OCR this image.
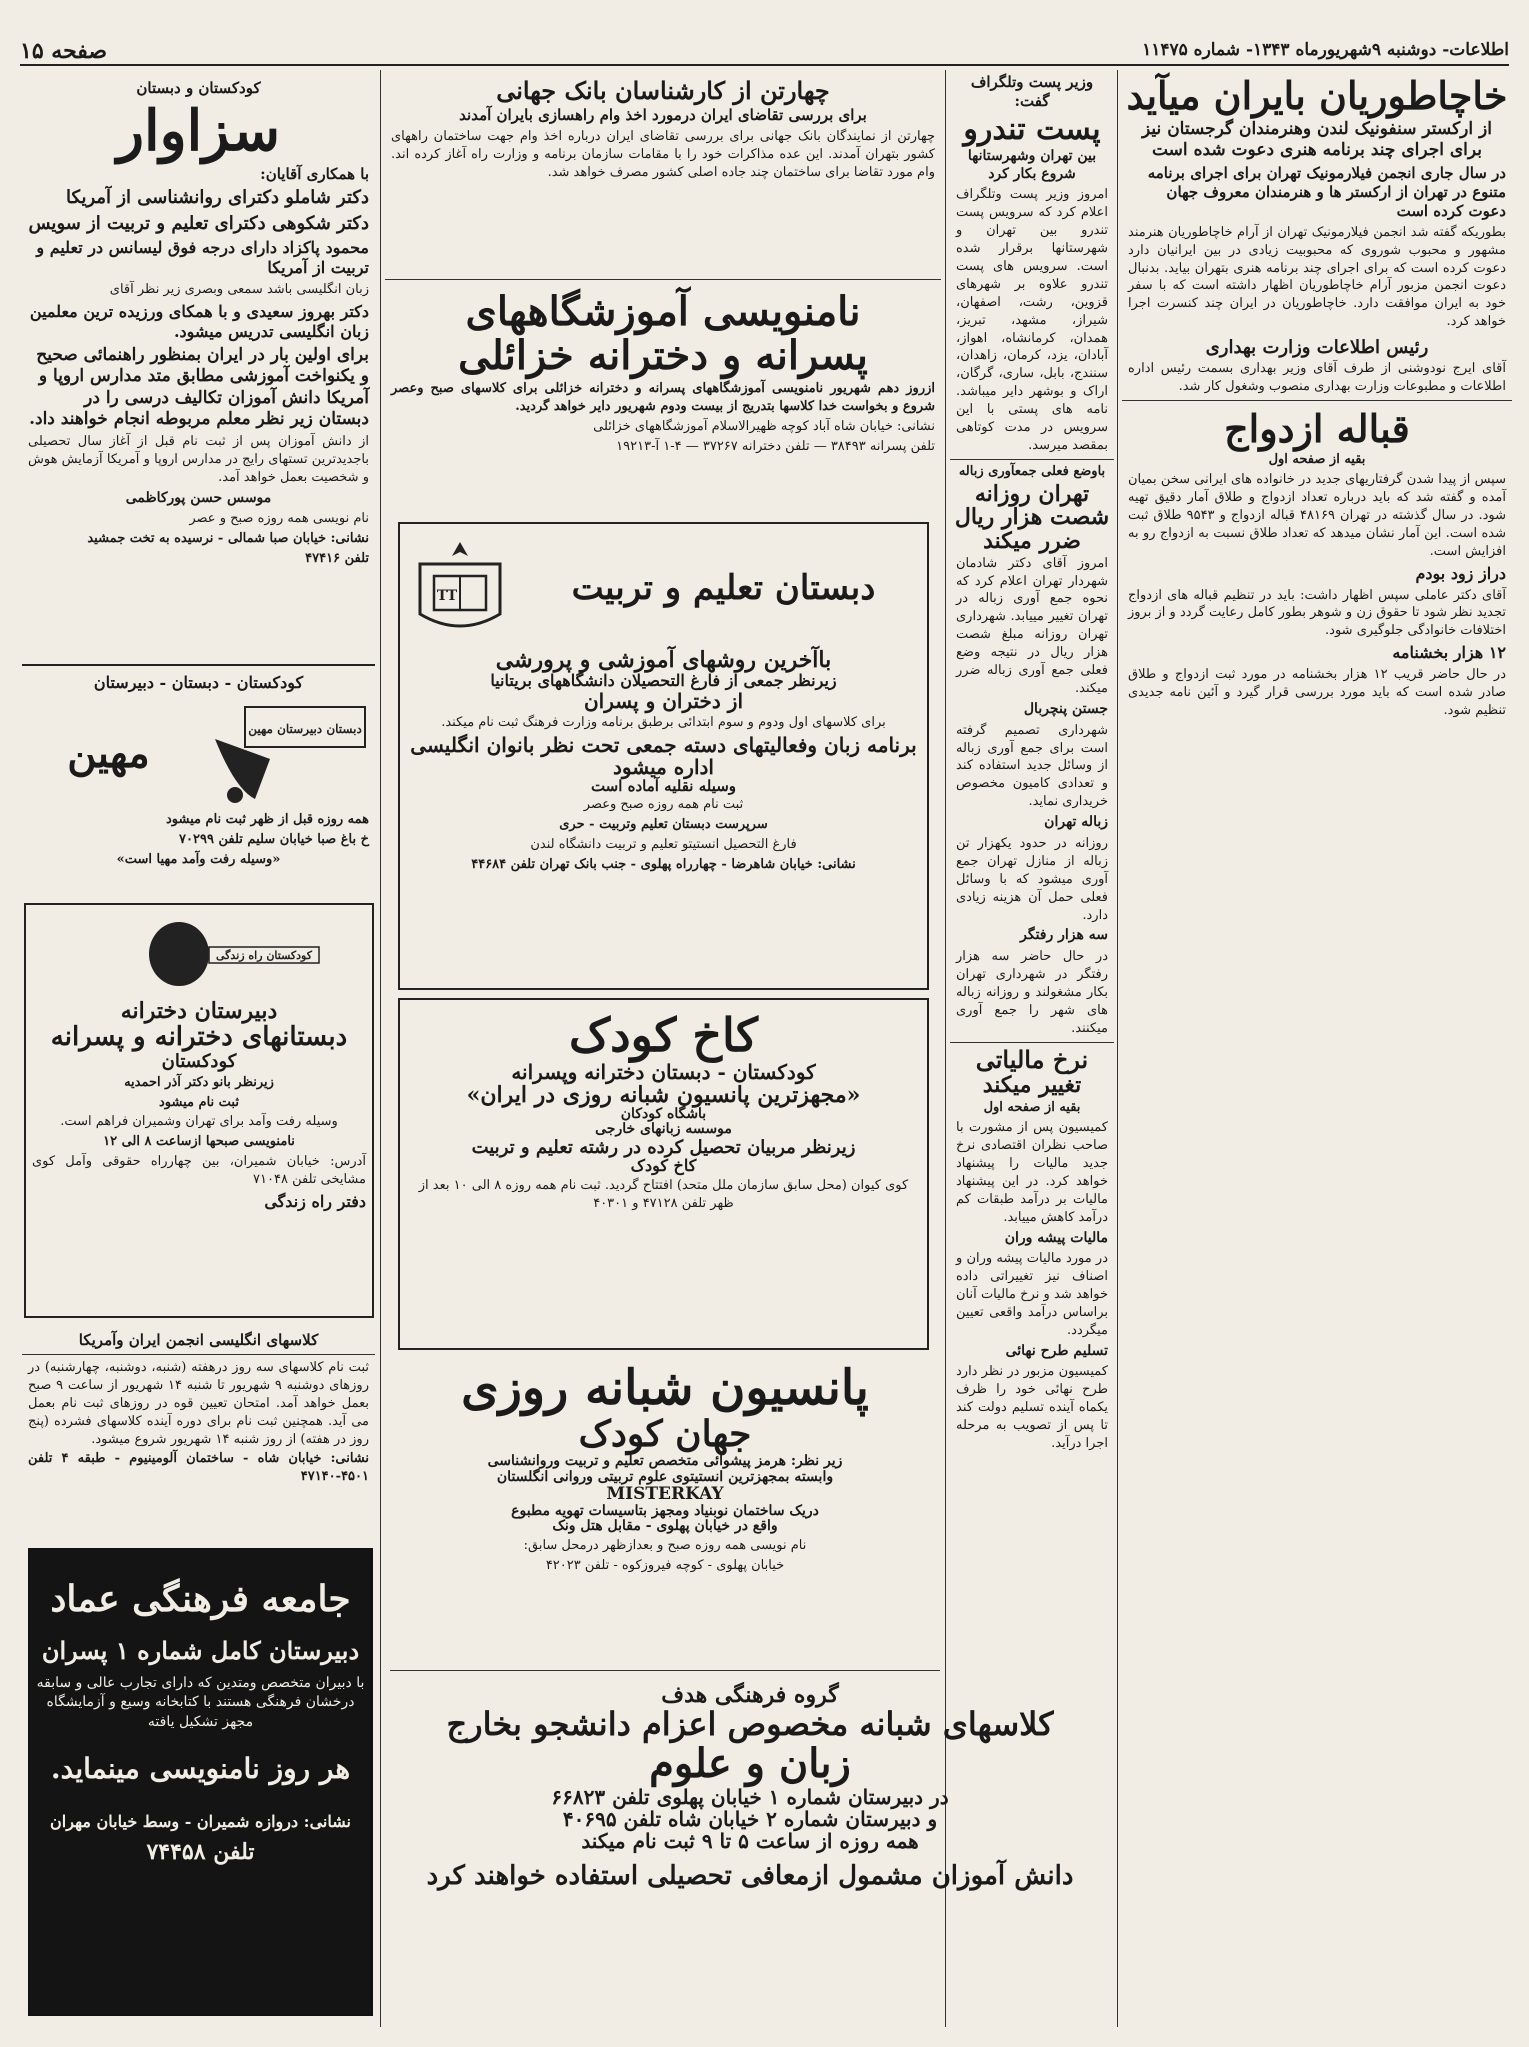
اطلاعات- دوشنبه ۹شهریورماه ۱۳۴۳- شماره ۱۱۴۷۵
صفحه ۱۵
خاچاطوریان بایران میآید
از ارکستر سنفونیک لندن وهنرمندان گرجستان نیز برای اجرای چند برنامه هنری دعوت شده است
در سال جاری انجمن فیلارمونیک تهران برای اجرای برنامه متنوع در تهران از ارکستر ها و هنرمندان معروف جهان دعوت کرده است
بطوریکه گفته شد انجمن فیلارمونیک تهران از آرام خاچاطوریان هنرمند مشهور و محبوب شوروی که محبوبیت زیادی در بین ایرانیان دارد دعوت کرده است که برای اجرای چند برنامه هنری بتهران بیاید. بدنبال دعوت انجمن مزبور آرام خاچاطوریان اظهار داشته است که با سفر خود به ایران موافقت دارد. خاچاطوریان در ایران چند کنسرت اجرا خواهد کرد.
رئیس اطلاعات وزارت بهداری
آقای ایرج نودوشنی از طرف آقای وزیر بهداری بسمت رئیس اداره اطلاعات و مطبوعات وزارت بهداری منصوب وشغول کار شد.
قباله ازدواج
بقیه از صفحه اول
سپس از پیدا شدن گرفتاریهای جدید در خانواده های ایرانی سخن بمیان آمده و گفته شد که باید درباره تعداد ازدواج و طلاق آمار دقیق تهیه شود. در سال گذشته در تهران ۴۸۱۶۹ قباله ازدواج و ۹۵۴۳ طلاق ثبت شده است. این آمار نشان میدهد که تعداد طلاق نسبت به ازدواج رو به افزایش است.
دراز زود بودم
آقای دکتر عاملی سپس اظهار داشت: باید در تنظیم قباله های ازدواج تجدید نظر شود تا حقوق زن و شوهر بطور کامل رعایت گردد و از بروز اختلافات خانوادگی جلوگیری شود.
۱۲ هزار بخشنامه
در حال حاضر قریب ۱۲ هزار بخشنامه در مورد ثبت ازدواج و طلاق صادر شده است که باید مورد بررسی قرار گیرد و آئین نامه جدیدی تنظیم شود.
وزیر پست وتلگراف گفت:
پست تندرو
بین تهران وشهرستانها شروع بکار کرد
امروز وزیر پست وتلگراف اعلام کرد که سرویس پست تندرو بین تهران و شهرستانها برقرار شده است. سرویس های پست تندرو علاوه بر شهرهای قزوین، رشت، اصفهان، شیراز، مشهد، تبریز، همدان، کرمانشاه، اهواز، آبادان، یزد، کرمان، زاهدان، سنندج، بابل، ساری، گرگان، اراک و بوشهر دایر میباشد. نامه های پستی با این سرویس در مدت کوتاهی بمقصد میرسد.
باوضع فعلی جمعآوری زباله
تهران روزانه شصت هزار ریال ضرر میکند
امروز آقای دکتر شادمان شهردار تهران اعلام کرد که نحوه جمع آوری زباله در تهران تغییر مییابد. شهرداری تهران روزانه مبلغ شصت هزار ریال در نتیجه وضع فعلی جمع آوری زباله ضرر میکند.
جستن پنچربال
شهرداری تصمیم گرفته است برای جمع آوری زباله از وسائل جدید استفاده کند و تعدادی کامیون مخصوص خریداری نماید.
زباله تهران
روزانه در حدود یکهزار تن زباله از منازل تهران جمع آوری میشود که با وسائل فعلی حمل آن هزینه زیادی دارد.
سه هزار رفتگر
در حال حاضر سه هزار رفتگر در شهرداری تهران بکار مشغولند و روزانه زباله های شهر را جمع آوری میکنند.
نرخ مالیاتی
تغییر میکند
بقیه از صفحه اول
کمیسیون پس از مشورت با صاحب نظران اقتصادی نرخ جدید مالیات را پیشنهاد خواهد کرد. در این پیشنهاد مالیات بر درآمد طبقات کم درآمد کاهش مییابد.
مالیات پیشه وران
در مورد مالیات پیشه وران و اصناف نیز تغییراتی داده خواهد شد و نرخ مالیات آنان براساس درآمد واقعی تعیین میگردد.
تسلیم طرح نهائی
کمیسیون مزبور در نظر دارد طرح نهائی خود را ظرف یکماه آینده تسلیم دولت کند تا پس از تصویب به مرحله اجرا درآید.
چهارتن از کارشناسان بانک جهانی
برای بررسی تقاضای ایران درمورد اخذ وام راهسازی بایران آمدند
چهارتن از نمایندگان بانک جهانی برای بررسی تقاضای ایران درباره اخذ وام جهت ساختمان راههای کشور بتهران آمدند. این عده مذاکرات خود را با مقامات سازمان برنامه و وزارت راه آغاز کرده اند. وام مورد تقاضا برای ساختمان چند جاده اصلی کشور مصرف خواهد شد.
نامنویسی آموزشگاههای
پسرانه و دخترانه خزائلی
ازروز دهم شهریور نامنویسی آموزشگاههای پسرانه و دخترانه خزائلی برای کلاسهای صبح وعصر شروع و بخواست خدا کلاسها بتدریج از بیست ودوم شهریور دایر خواهد گردید.
نشانی: خیابان شاه آباد کوچه ظهیرالاسلام آموزشگاههای خزائلی
تلفن پسرانه ۳۸۴۹۳ — تلفن دخترانه ۳۷۲۶۷ — ۴-۱ آ-۱۹۲۱۳
TT	دبستان تعلیم و تربیت
باآخرین روشهای آموزشی و پرورشی
زیرنظر جمعی از فارغ التحصیلان دانشگاههای بریتانیا
از دختران و پسران
برای کلاسهای اول ودوم و سوم ابتدائی برطبق برنامه وزارت فرهنگ ثبت نام میکند.
برنامه زبان وفعالیتهای دسته جمعی تحت نظر بانوان انگلیسی اداره میشود
وسیله نقلیه آماده است
ثبت نام همه روزه صبح وعصر
سرپرست دبستان تعلیم وتربیت - حری
فارغ التحصیل انستیتو تعلیم و تربیت دانشگاه لندن
نشانی: خیابان شاهرضا - چهارراه پهلوی - جنب بانک تهران تلفن ۴۴۶۸۴
کاخ کودک
کودکستان - دبستان دخترانه وپسرانه
«مجهزترین پانسیون شبانه روزی در ایران»
باشگاه کودکان
موسسه زبانهای خارجی
زیرنظر مربیان تحصیل کرده در رشته تعلیم و تربیت
کاخ کودک
کوی کیوان (محل سابق سازمان ملل متحد) افتتاح گردید. ثبت نام همه روزه ۸ الی ۱۰ بعد از ظهر تلفن ۴۷۱۲۸ و ۴۰۳۰۱
پانسیون شبانه روزی
جهان کودک
زیر نظر: هرمز پیشوائی متخصص تعلیم و تربیت وروانشناسی
وابسته بمجهزترین انستیتوی علوم تربیتی وروانی انگلستان
MISTERKAY
دریک ساختمان نوبنیاد ومجهز بتاسیسات تهویه مطبوع
واقع در خیابان پهلوی - مقابل هتل ونک
نام نویسی همه روزه صبح و بعدازظهر درمحل سابق:
خیابان پهلوی - کوچه فیروزکوه - تلفن ۴۲۰۲۳
گروه فرهنگی هدف
کلاسهای شبانه مخصوص اعزام دانشجو بخارج
زبان و علوم
در دبیرستان شماره ۱ خیابان پهلوی تلفن ۶۶۸۲۳
و دبیرستان شماره ۲ خیابان شاه تلفن ۴۰۶۹۵
همه روزه از ساعت ۵ تا ۹ ثبت نام میکند
دانش آموزان مشمول ازمعافی تحصیلی استفاده خواهند کرد
کودکستان و دبستان
سزاوار
با همکاری آقایان:
دکتر شاملو دکترای روانشناسی از آمریکا
دکتر شکوهی دکترای تعلیم و تربیت از سویس
محمود پاکزاد دارای درجه فوق لیسانس در تعلیم و تربیت از آمریکا
زبان انگلیسی باشد سمعی وبصری زیر نظر آقای
دکتر بهروز سعیدی و با همکای ورزیده ترین معلمین زبان انگلیسی تدریس میشود.
برای اولین بار در ایران بمنظور راهنمائی صحیح و یکنواخت آموزشی مطابق متد مدارس اروپا و آمریکا دانش آموزان تکالیف درسی را در دبستان زیر نظر معلم مربوطه انجام خواهند داد.
از دانش آموزان پس از ثبت نام قبل از آغاز سال تحصیلی باجدیدترین تستهای رایج در مدارس اروپا و آمریکا آزمایش هوش و شخصیت بعمل خواهد آمد.
موسس حسن پورکاظمی
نام نویسی همه روزه صبح و عصر
نشانی: خیابان صبا شمالی - نرسیده به تخت جمشید
تلفن ۴۷۴۱۶
کودکستان - دبستان - دبیرستان
دبستان دبیرستان مهین
مهین
همه روزه قبل از ظهر ثبت نام میشود
خ باغ صبا خیابان سلیم تلفن ۷۰۲۹۹
«وسیله رفت وآمد مهیا است»
کودکستان راه زندگی
دبیرستان دخترانه
دبستانهای دخترانه و پسرانه
کودکستان
زیرنظر بانو دکتر آذر احمدیه
ثبت نام میشود
وسیله رفت وآمد برای تهران وشمیران فراهم است.
نامنویسی صبحها ازساعت ۸ الی ۱۲
آدرس: خیابان شمیران، بین چهارراه حقوقی وآمل کوی مشایخی تلفن ۷۱۰۴۸
دفتر راه زندگی
کلاسهای انگلیسی انجمن ایران وآمریکا
ثبت نام کلاسهای سه روز درهفته (شنبه، دوشنبه، چهارشنبه) در روزهای دوشنبه ۹ شهریور تا شنبه ۱۴ شهریور از ساعت ۹ صبح بعمل خواهد آمد. امتحان تعیین قوه در روزهای ثبت نام بعمل می آید. همچنین ثبت نام برای دوره آینده کلاسهای فشرده (پنج روز در هفته) از روز شنبه ۱۴ شهریور شروع میشود.
نشانی: خیابان شاه - ساختمان آلومینیوم - طبقه ۴ تلفن ۴۵۰۱-۴۷۱۴۰
جامعه فرهنگی عماد
دبیرستان کامل شماره ۱ پسران
با دبیران متخصص ومتدین که دارای تجارب عالی و سابقه درخشان فرهنگی هستند با کتابخانه وسیع و آزمایشگاه مجهز تشکیل یافته
هر روز نامنویسی مینماید.
نشانی: دروازه شمیران - وسط خیابان مهران
تلفن ۷۴۴۵۸
